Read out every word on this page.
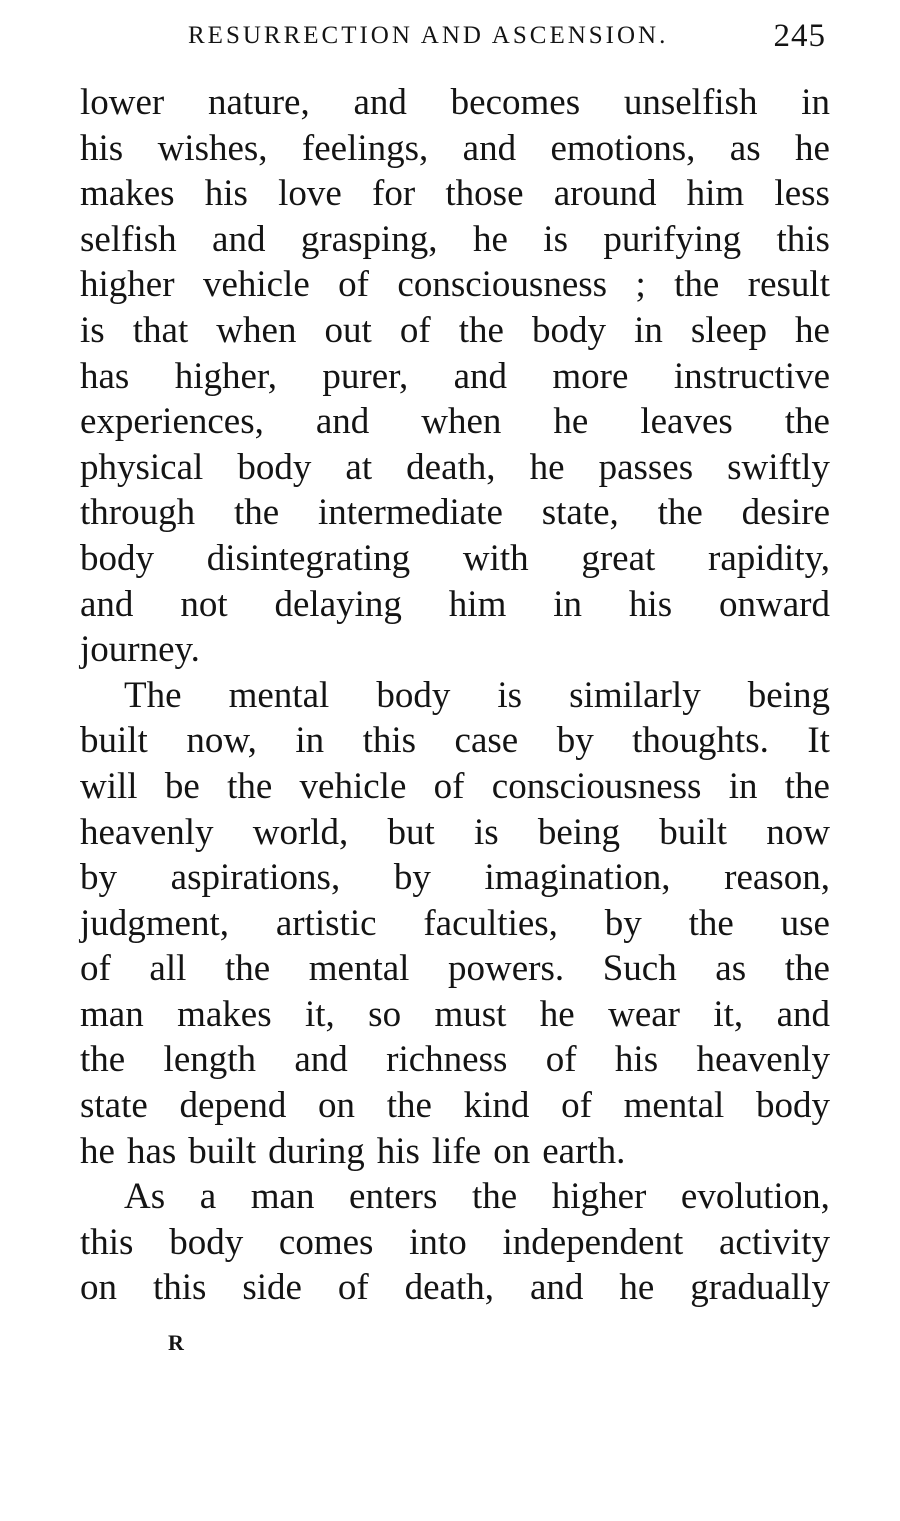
RESURRECTION AND ASCENSION.	245
lower nature, and becomes unselfish in
his wishes, feelings, and emotions, as he
makes his love for those around him less
selfish and grasping, he is purifying this
higher vehicle of consciousness ; the result
is that when out of the body in sleep he
has higher, purer, and more instructive
experiences, and when he leaves the
physical body at death, he passes swiftly
through the intermediate state, the desire
body disintegrating with great rapidity,
and not delaying him in his onward
journey.
The mental body is similarly being
built now, in this case by thoughts. It
will be the vehicle of consciousness in the
heavenly world, but is being built now
by aspirations, by imagination, reason,
judgment, artistic faculties, by the use
of all the mental powers. Such as the
man makes it, so must he wear it, and
the length and richness of his heavenly
state depend on the kind of mental body
he has built during his life on earth.
As a man enters the higher evolution,
this body comes into independent activity
on this side of death, and he gradually
R
